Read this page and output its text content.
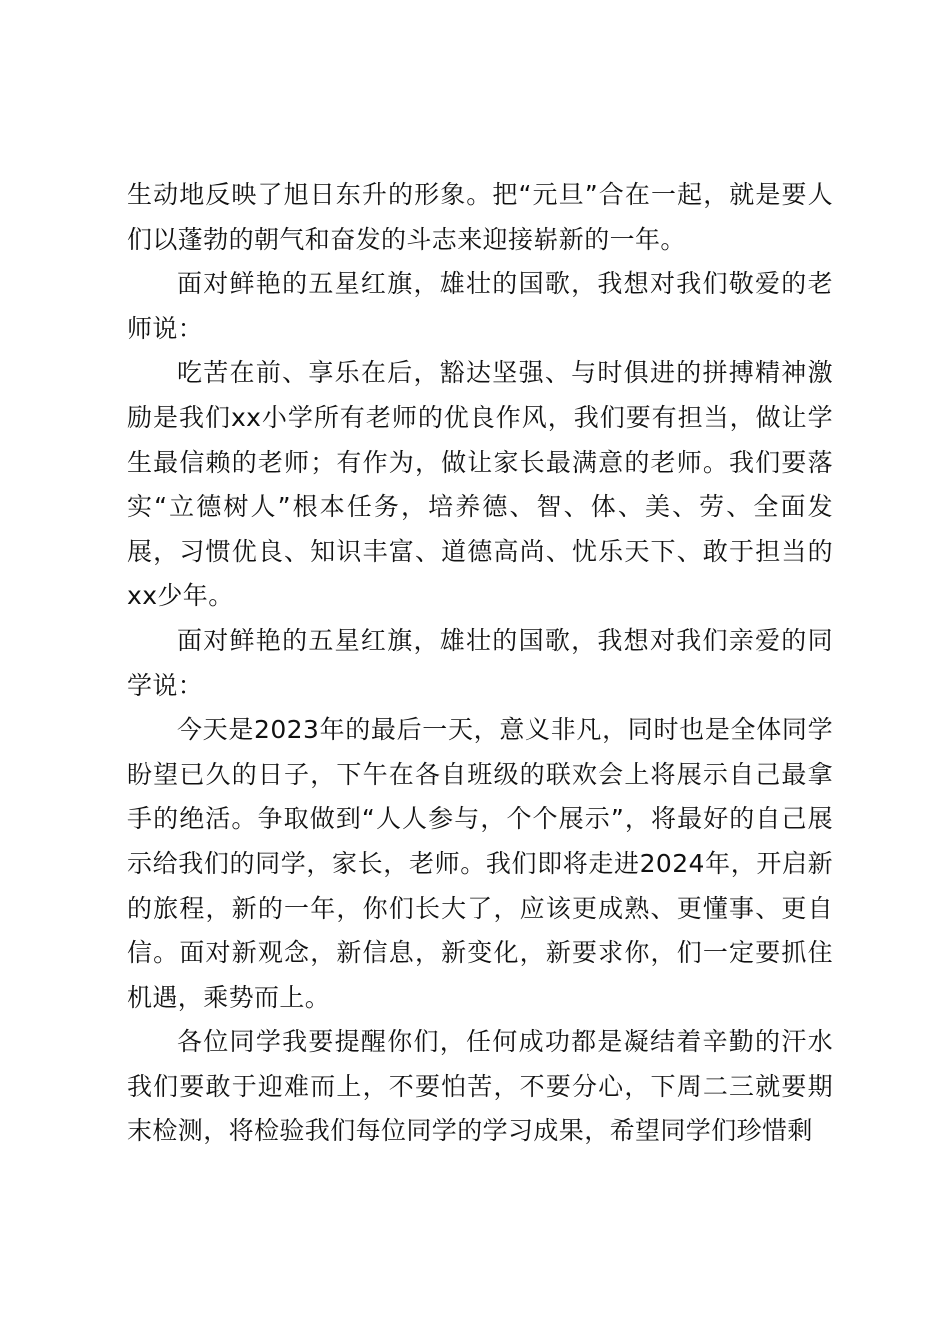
生动地反映了旭日东升的形象。把“元旦”合在一起，就是要人们以蓬勃的朝气和奋发的斗志来迎接崭新的一年。

面对鲜艳的五星红旗，雄壮的国歌，我想对我们敬爱的老师说：

吃苦在前、享乐在后，豁达坚强、与时俱进的拼搏精神激励是我们xx小学所有老师的优良作风，我们要有担当，做让学生最信赖的老师；有作为，做让家长最满意的老师。我们要落实“立德树人”根本任务，培养德、智、体、美、劳、全面发展，习惯优良、知识丰富、道德高尚、忧乐天下、敢于担当的xx少年。

面对鲜艳的五星红旗，雄壮的国歌，我想对我们亲爱的同学说：

今天是2023年的最后一天，意义非凡，同时也是全体同学盼望已久的日子，下午在各自班级的联欢会上将展示自己最拿手的绝活。争取做到“人人参与，个个展示”，将最好的自己展示给我们的同学，家长，老师。我们即将走进2024年，开启新的旅程，新的一年，你们长大了，应该更成熟、更懂事、更自信。面对新观念，新信息，新变化，新要求你，们一定要抓住机遇，乘势而上。

各位同学我要提醒你们，任何成功都是凝结着辛勤的汗水我们要敢于迎难而上，不要怕苦，不要分心，下周二三就要期末检测，将检验我们每位同学的学习成果，希望同学们珍惜剩
